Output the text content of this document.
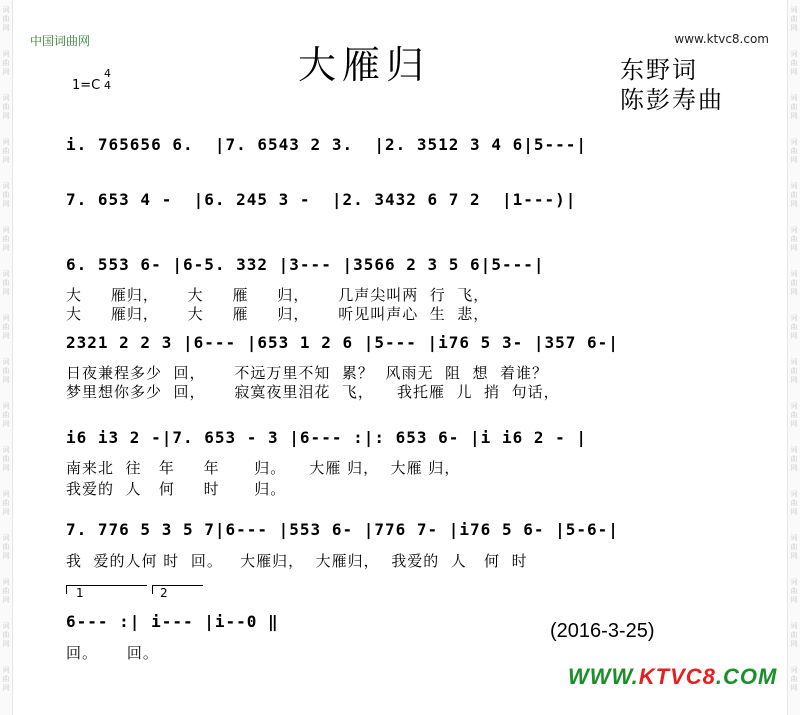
中国词曲网	www.ktvc8.com
大雁归	东野词
陈彭寿曲
1=C
4
4
i. 765656 6.  |7. 6543 2 3.  |2. 3512 3 4 6|5---|
7. 653 4 -  |6. 245 3 -  |2. 3432 6 7 2  |1---)|
6. 553 6- |6-5. 332 |3--- |3566 2 3 5 6|5---|
大     雁归，     大     雁     归，     几声尖叫两  行  飞，
大     雁归，     大     雁     归，     听见叫声心  生  悲，
2321 2 2 3 |6--- |653 1 2 6 |5--- |i76 5 3- |357 6-|
日夜兼程多少  回，     不远万里不知  累？  风雨无  阻  想  着谁？
梦里想你多少  回，     寂寞夜里泪花  飞，    我托雁  儿  捎  句话，
i6 i3 2 -|7. 653 - 3 |6--- :|: 653 6- |i i6 2 - |
南来北  往   年     年      归。    大雁 归，  大雁 归，
我爱的  人   何     时      归。
7. 776 5 3 5 7|6--- |553 6- |776 7- |i76 5 6- |5-6-|
我  爱的人何 时  回。   大雁归，  大雁归，  我爱的  人   何  时
1	2
6--- :| i--- |i--0 ‖
回。     回。
(2016-3-25)
WWW.KTVC8.COM
词
曲
网
词
曲
网
词
曲
网
词
曲
网
词
曲
网
词
曲
网
词
曲
网
词
曲
网
词
曲
网
词
曲
网
词
曲
网
词
曲
网
词
曲
网
词
曲
网
词
曲
网
词
曲
网
词
曲
网
词
曲
网
词
曲
网
词
曲
网
词
曲
网
词
曲
网
词
曲
网
词
曲
网
词
曲
网
词
曲
网
词
曲
网
词
曲
网
词
曲
网
词
曲
网
词
曲
网
词
曲
网
